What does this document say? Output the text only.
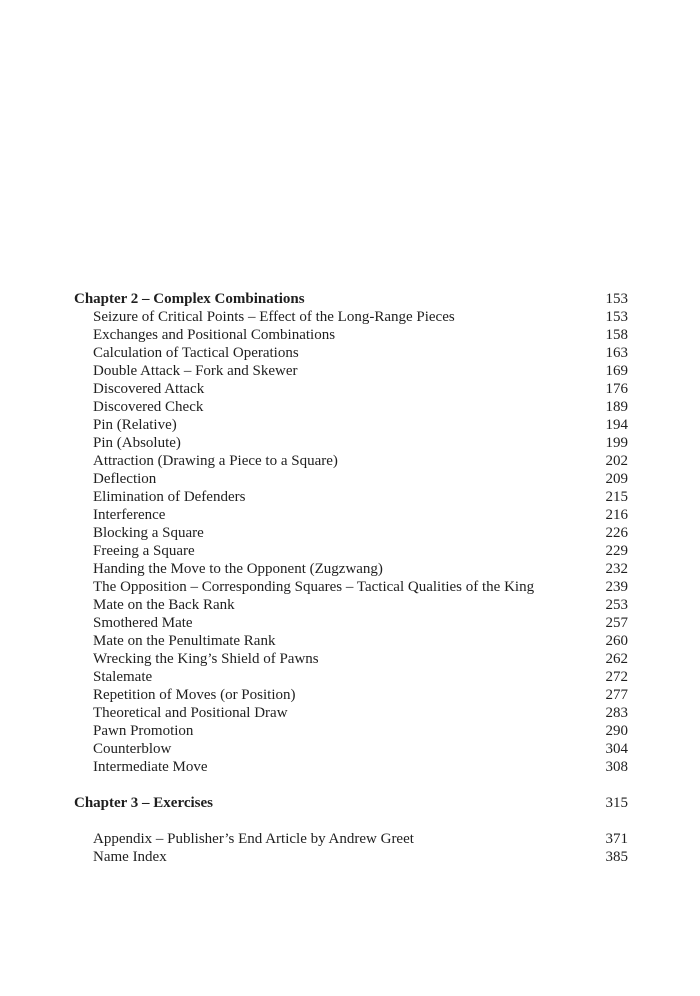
Chapter 2 – Complex Combinations	153
Seizure of Critical Points – Effect of the Long-Range Pieces	153
Exchanges and Positional Combinations	158
Calculation of Tactical Operations	163
Double Attack – Fork and Skewer	169
Discovered Attack	176
Discovered Check	189
Pin (Relative)	194
Pin (Absolute)	199
Attraction (Drawing a Piece to a Square)	202
Deflection	209
Elimination of Defenders	215
Interference	216
Blocking a Square	226
Freeing a Square	229
Handing the Move to the Opponent (Zugzwang)	232
The Opposition – Corresponding Squares – Tactical Qualities of the King	239
Mate on the Back Rank	253
Smothered Mate	257
Mate on the Penultimate Rank	260
Wrecking the King’s Shield of Pawns	262
Stalemate	272
Repetition of Moves (or Position)	277
Theoretical and Positional Draw	283
Pawn Promotion	290
Counterblow	304
Intermediate Move	308
Chapter 3 – Exercises	315
Appendix – Publisher’s End Article by Andrew Greet	371
Name Index	385
